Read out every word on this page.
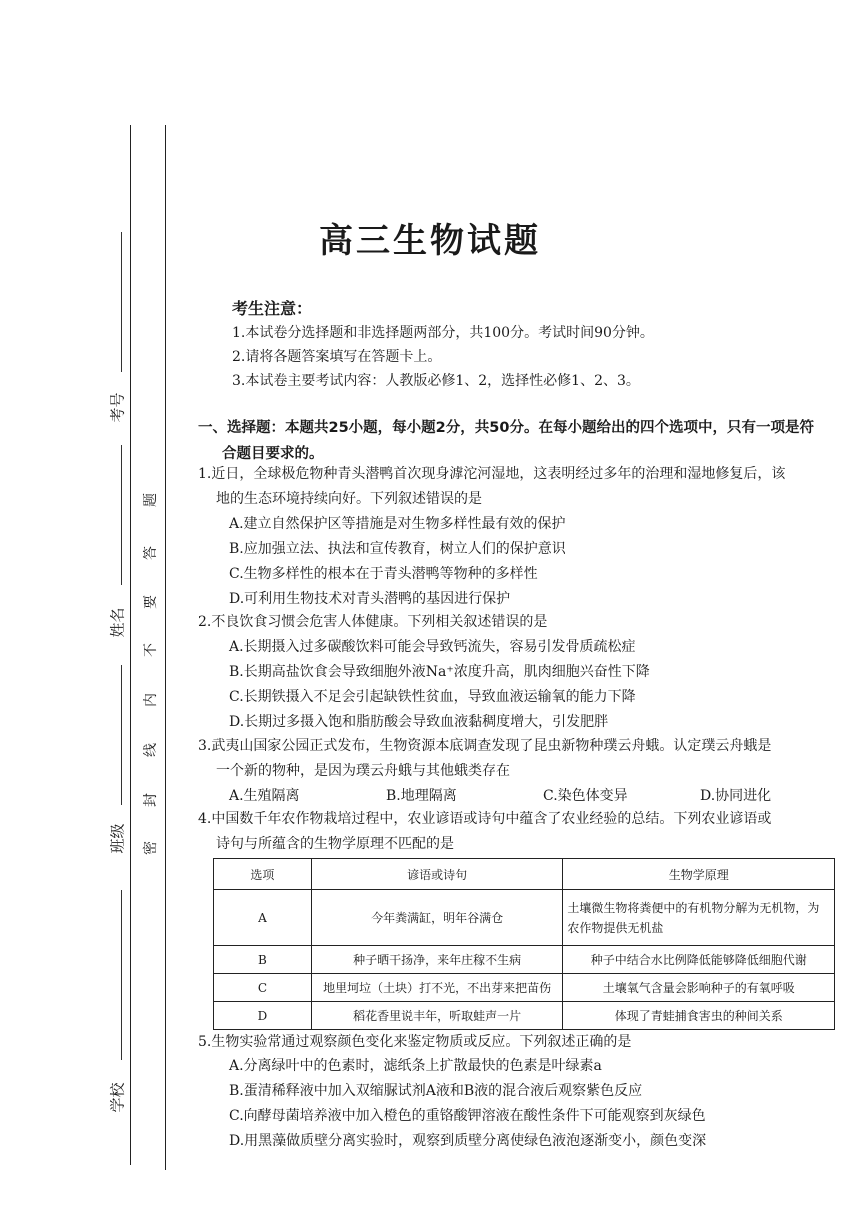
考号
姓名
班级
学校
题
答
要
不
内
线
封
密
高三生物试题
考生注意：
1.本试卷分选择题和非选择题两部分，共100分。考试时间90分钟。
2.请将各题答案填写在答题卡上。
3.本试卷主要考试内容：人教版必修1、2，选择性必修1、2、3。
一、选择题：本题共25小题，每小题2分，共50分。在每小题给出的四个选项中，只有一项是符
合题目要求的。
1.近日，全球极危物种青头潜鸭首次现身滹沱河湿地，这表明经过多年的治理和湿地修复后，该
地的生态环境持续向好。下列叙述错误的是
A.建立自然保护区等措施是对生物多样性最有效的保护
B.应加强立法、执法和宣传教育，树立人们的保护意识
C.生物多样性的根本在于青头潜鸭等物种的多样性
D.可利用生物技术对青头潜鸭的基因进行保护
2.不良饮食习惯会危害人体健康。下列相关叙述错误的是
A.长期摄入过多碳酸饮料可能会导致钙流失，容易引发骨质疏松症
B.长期高盐饮食会导致细胞外液Na⁺浓度升高，肌肉细胞兴奋性下降
C.长期铁摄入不足会引起缺铁性贫血，导致血液运输氧的能力下降
D.长期过多摄入饱和脂肪酸会导致血液黏稠度增大，引发肥胖
3.武夷山国家公园正式发布，生物资源本底调查发现了昆虫新物种璞云舟蛾。认定璞云舟蛾是
一个新的物种，是因为璞云舟蛾与其他蛾类存在
A.生殖隔离	B.地理隔离	C.染色体变异	D.协同进化
4.中国数千年农作物栽培过程中，农业谚语或诗句中蕴含了农业经验的总结。下列农业谚语或
诗句与所蕴含的生物学原理不匹配的是
选项	谚语或诗句	生物学原理
A	今年粪满缸，明年谷满仓	土壤微生物将粪便中的有机物分解为无机物，为农作物提供无机盐
B	种子晒干扬净，来年庄稼不生病	种子中结合水比例降低能够降低细胞代谢
C	地里坷垃（土块）打不光，不出芽来把苗伤	土壤氧气含量会影响种子的有氧呼吸
D	稻花香里说丰年，听取蛙声一片	体现了青蛙捕食害虫的种间关系
5.生物实验常通过观察颜色变化来鉴定物质或反应。下列叙述正确的是
A.分离绿叶中的色素时，滤纸条上扩散最快的色素是叶绿素a
B.蛋清稀释液中加入双缩脲试剂A液和B液的混合液后观察紫色反应
C.向酵母菌培养液中加入橙色的重铬酸钾溶液在酸性条件下可能观察到灰绿色
D.用黑藻做质壁分离实验时，观察到质壁分离使绿色液泡逐渐变小，颜色变深
